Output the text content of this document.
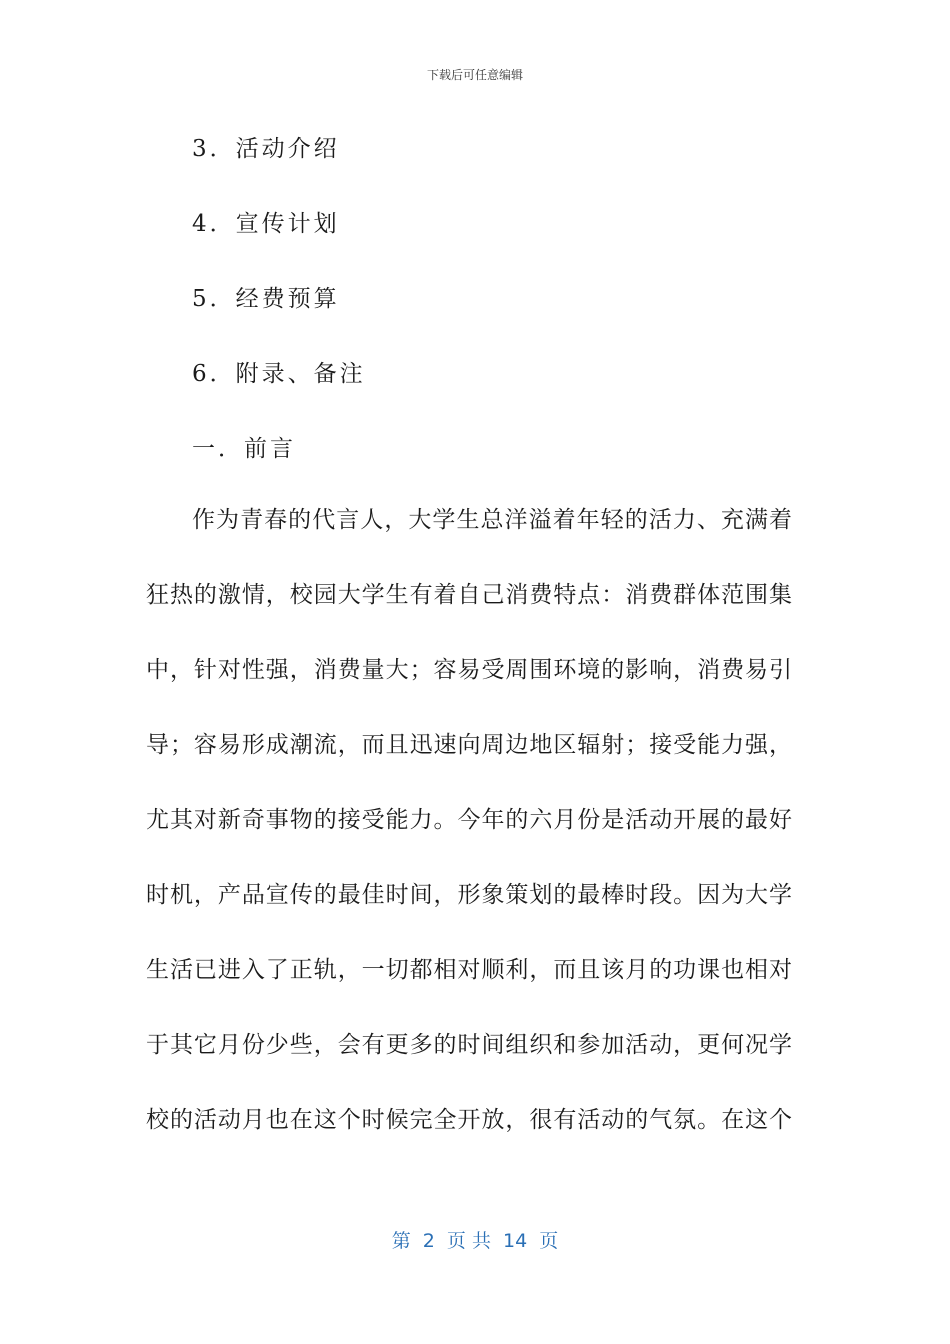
下载后可任意编辑
3．活动介绍
4．宣传计划
5．经费预算
6．附录、备注
一．前言
作为青春的代言人，大学生总洋溢着年轻的活力、充满着
狂热的激情，校园大学生有着自己消费特点：消费群体范围集
中，针对性强，消费量大；容易受周围环境的影响，消费易引
导；容易形成潮流，而且迅速向周边地区辐射；接受能力强，
尤其对新奇事物的接受能力。今年的六月份是活动开展的最好
时机，产品宣传的最佳时间，形象策划的最棒时段。因为大学
生活已进入了正轨，一切都相对顺利，而且该月的功课也相对
于其它月份少些，会有更多的时间组织和参加活动，更何况学
校的活动月也在这个时候完全开放，很有活动的气氛。在这个
第  2  页 共  14  页
